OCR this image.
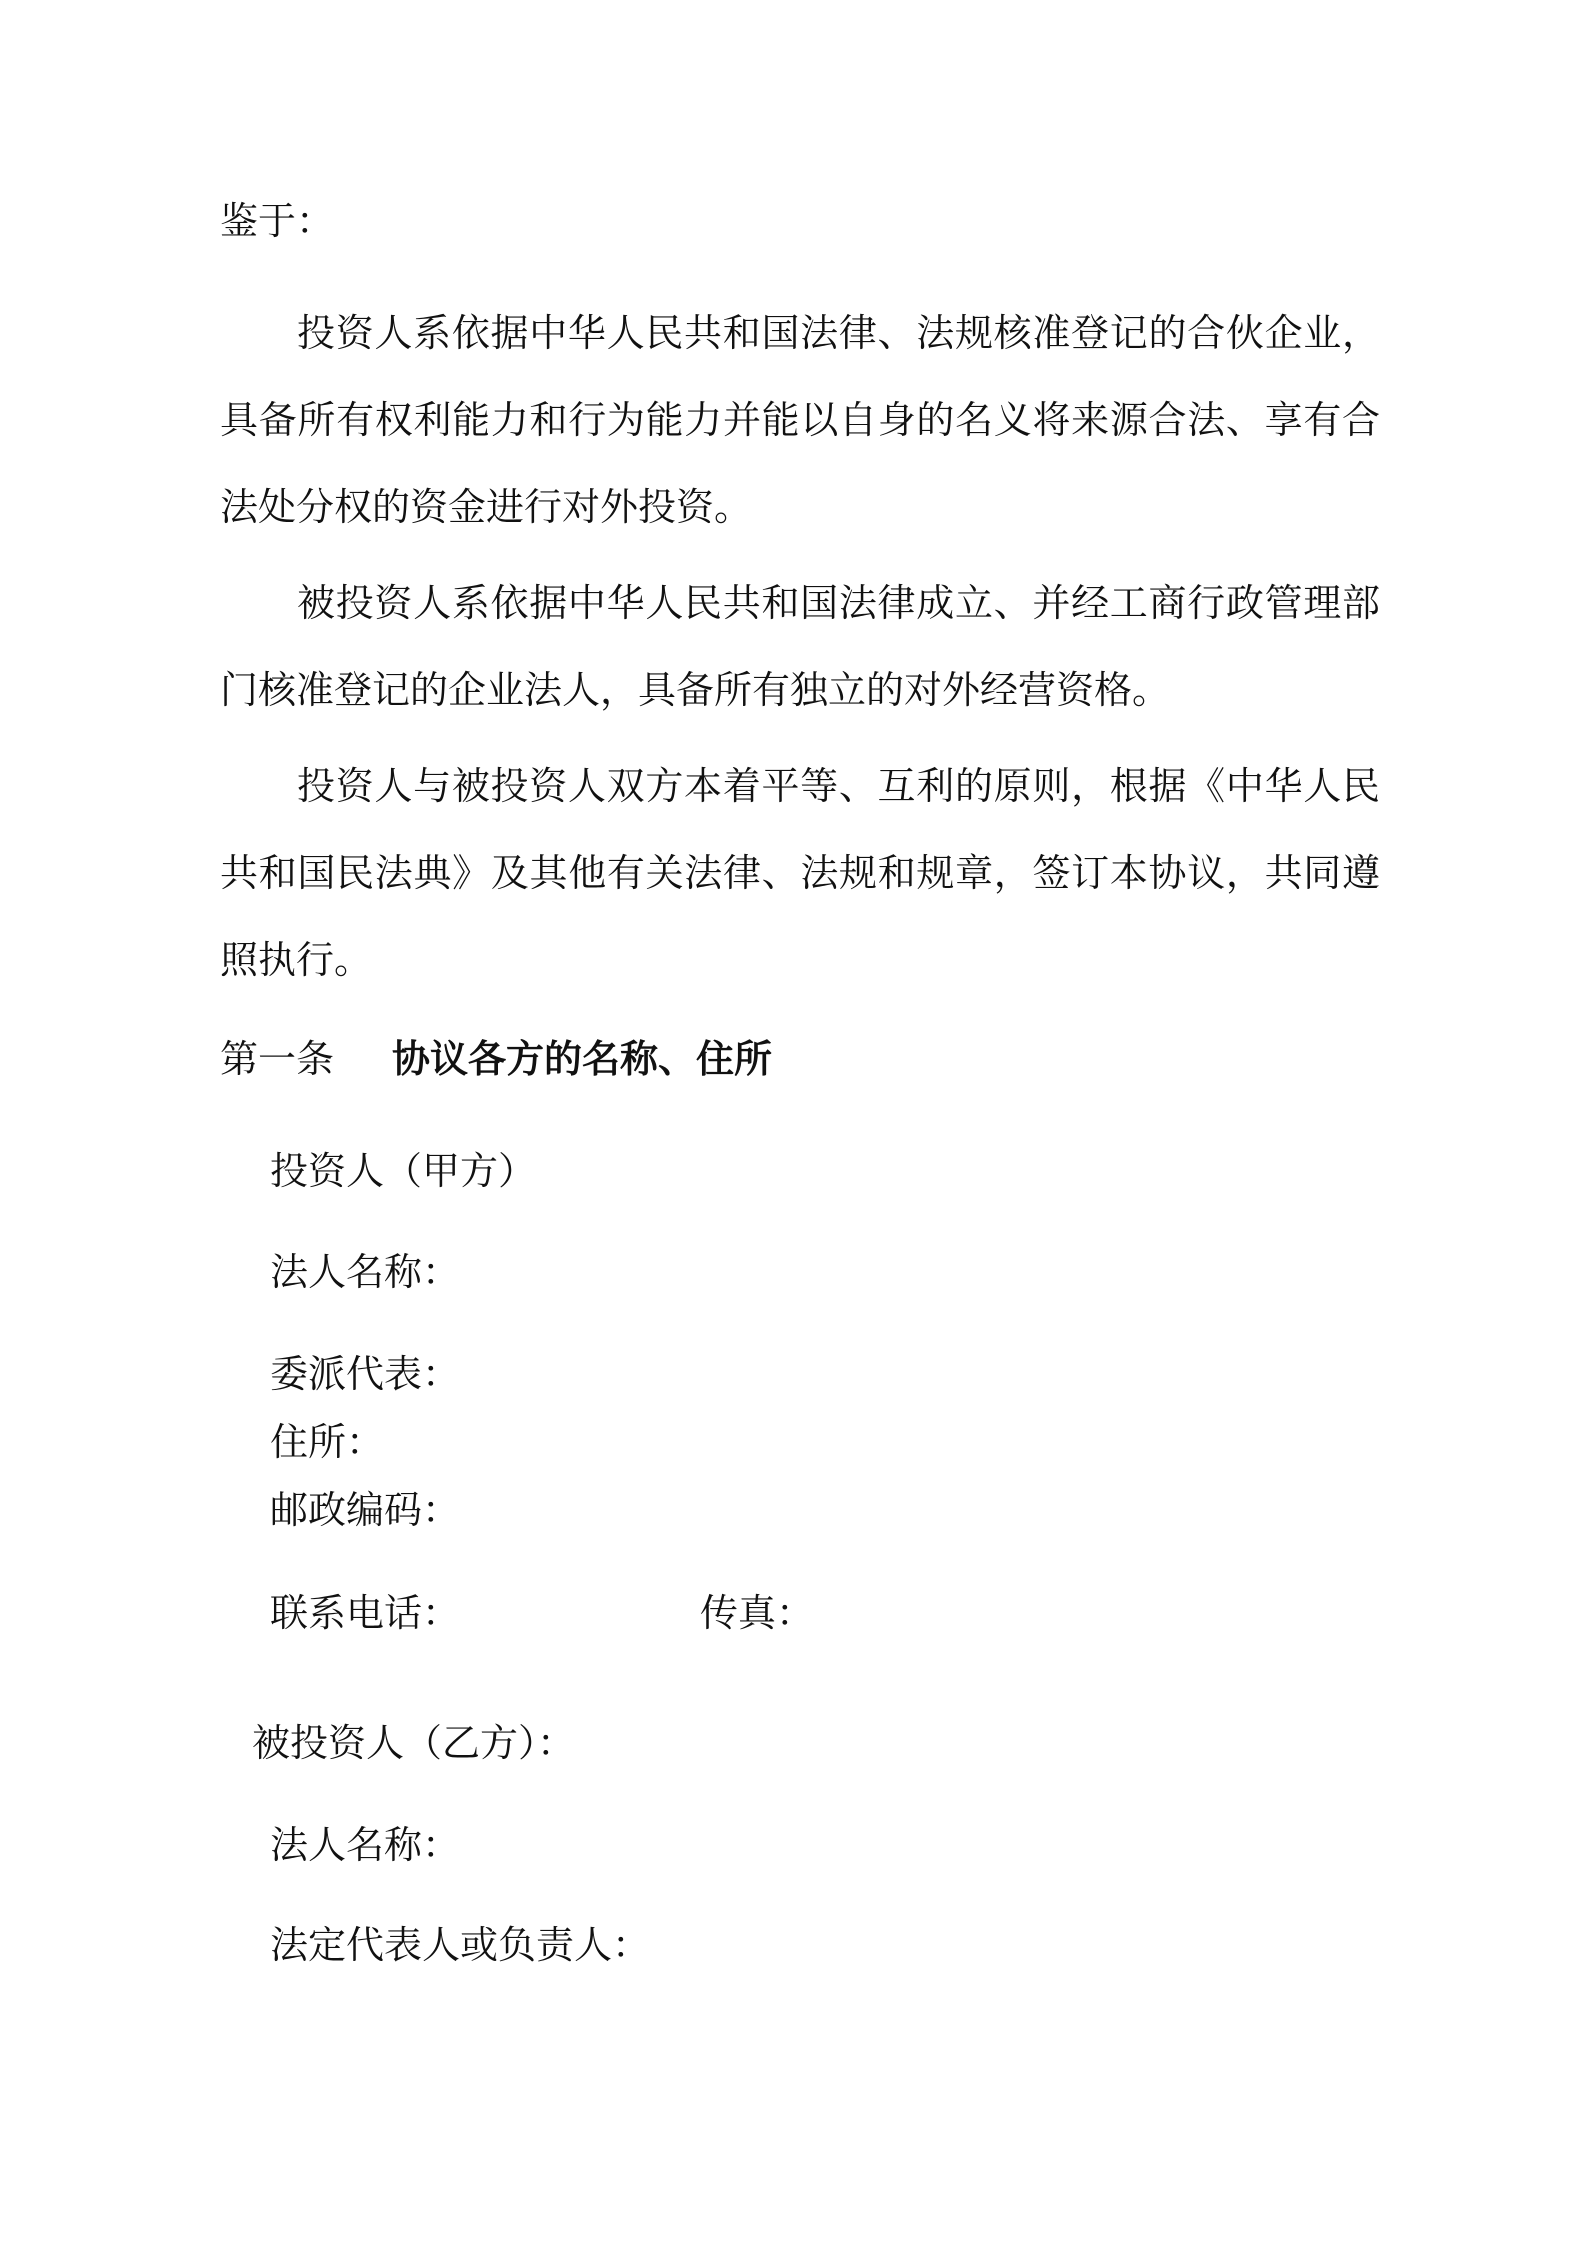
鉴于：
投资人系依据中华人民共和国法律、法规核准登记的合伙企业，具备所有权利能力和行为能力并能以自身的名义将来源合法、享有合法处分权的资金进行对外投资。
被投资人系依据中华人民共和国法律成立、并经工商行政管理部门核准登记的企业法人，具备所有独立的对外经营资格。
投资人与被投资人双方本着平等、互利的原则，根据《中华人民共和国民法典》及其他有关法律、法规和规章，签订本协议，共同遵照执行。
第一条 协议各方的名称、住所
投资人（甲方）
法人名称：
委派代表：
住所：
邮政编码：
联系电话：	传真：
被投资人（乙方）：
法人名称：
法定代表人或负责人：
